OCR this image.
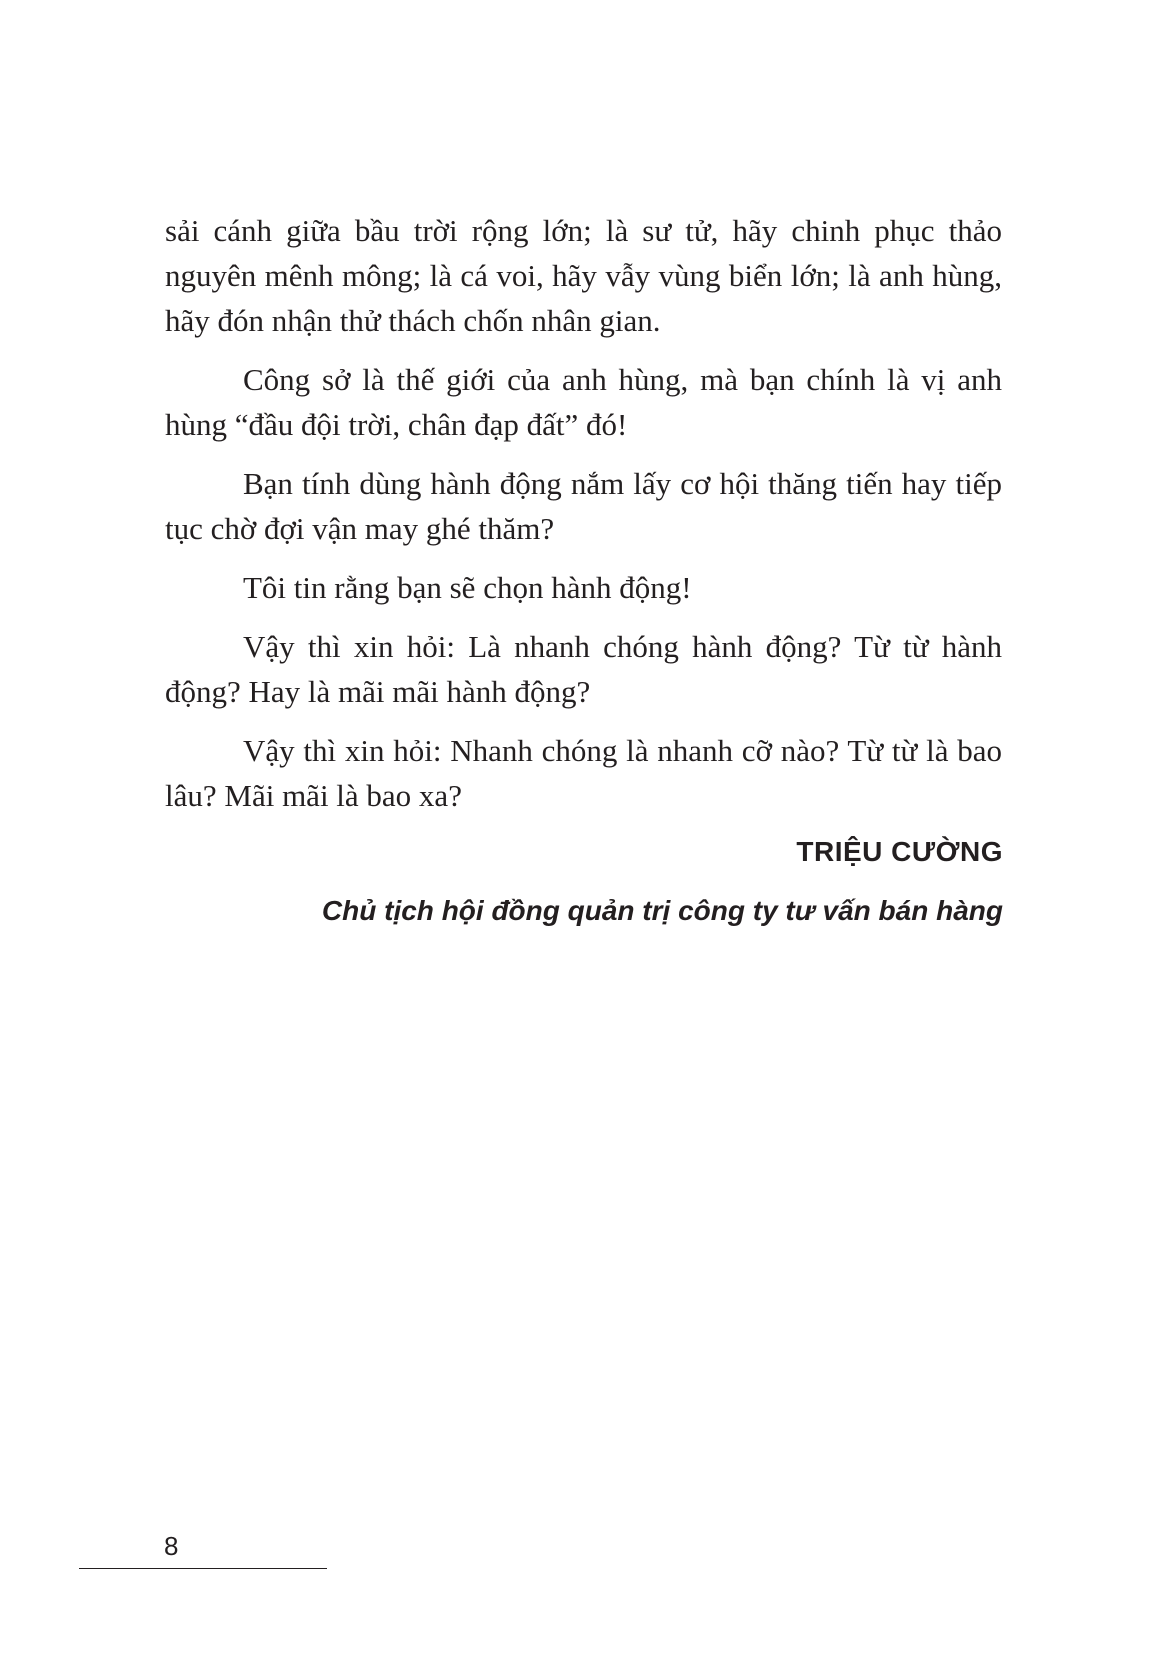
sải cánh giữa bầu trời rộng lớn; là sư tử, hãy chinh phục thảo nguyên mênh mông; là cá voi, hãy vẫy vùng biển lớn; là anh hùng, hãy đón nhận thử thách chốn nhân gian.

Công sở là thế giới của anh hùng, mà bạn chính là vị anh hùng “đầu đội trời, chân đạp đất” đó!

Bạn tính dùng hành động nắm lấy cơ hội thăng tiến hay tiếp tục chờ đợi vận may ghé thăm?

Tôi tin rằng bạn sẽ chọn hành động!

Vậy thì xin hỏi: Là nhanh chóng hành động? Từ từ hành động? Hay là mãi mãi hành động?

Vậy thì xin hỏi: Nhanh chóng là nhanh cỡ nào? Từ từ là bao lâu? Mãi mãi là bao xa?

TRIỆU CƯỜNG
Chủ tịch hội đồng quản trị công ty tư vấn bán hàng
8
